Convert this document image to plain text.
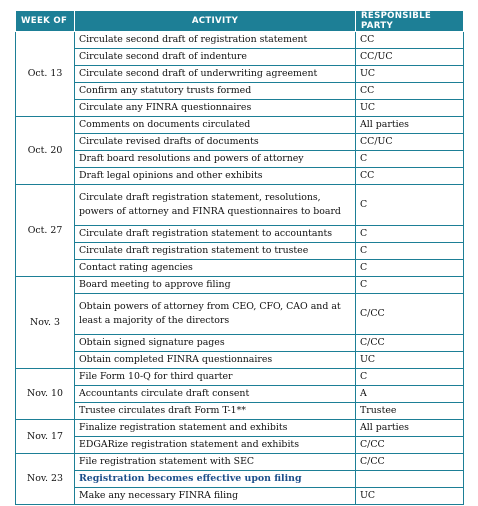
WEEK OF	ACTIVITY	RESPONSIBLE PARTY
Oct. 13	Circulate second draft of registration statement	CC
	Circulate second draft of indenture	CC/UC
	Circulate second draft of underwriting agreement	UC
	Confirm any statutory trusts formed	CC
	Circulate any FINRA questionnaires	UC
Oct. 20	Comments on documents circulated	All parties
	Circulate revised drafts of documents	CC/UC
	Draft board resolutions and powers of attorney	C
	Draft legal opinions and other exhibits	CC
Oct. 27	Circulate draft registration statement, resolutions, powers of attorney and FINRA questionnaires to board	C
	Circulate draft registration statement to accountants	C
	Circulate draft registration statement to trustee	C
	Contact rating agencies	C
Nov. 3	Board meeting to approve filing	C
	Obtain powers of attorney from CEO, CFO, CAO and at least a majority of the directors	C/CC
	Obtain signed signature pages	C/CC
	Obtain completed FINRA questionnaires	UC
Nov. 10	File Form 10-Q for third quarter	C
	Accountants circulate draft consent	A
	Trustee circulates draft Form T-1**	Trustee
Nov. 17	Finalize registration statement and exhibits	All parties
	EDGARize registration statement and exhibits	C/CC
Nov. 23	File registration statement with SEC	C/CC
	Registration becomes effective upon filing	
	Make any necessary FINRA filing	UC
